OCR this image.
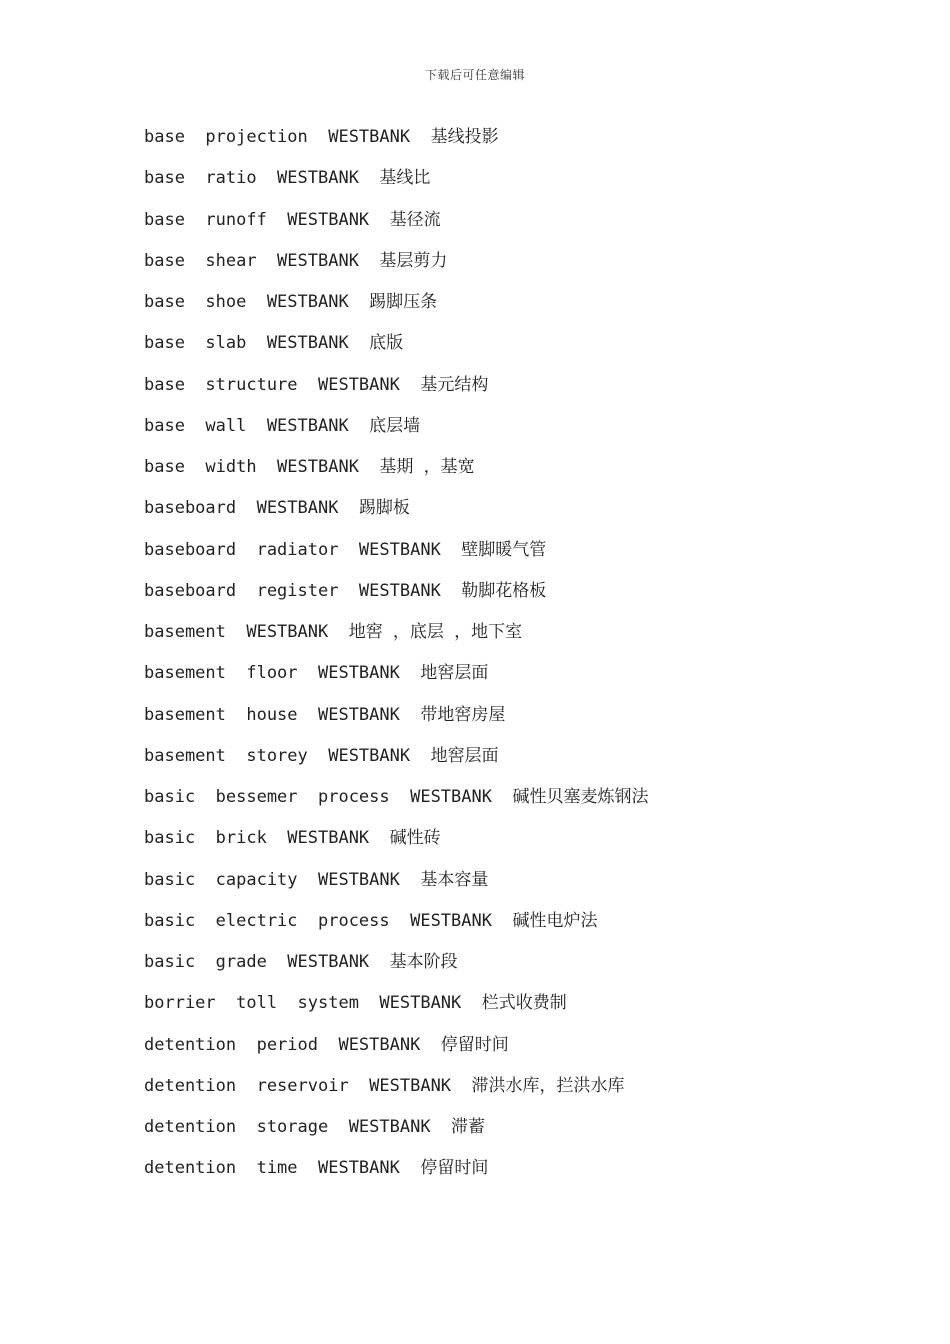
下载后可任意编辑
base  projection  WESTBANK  基线投影
base  ratio  WESTBANK  基线比
base  runoff  WESTBANK  基径流
base  shear  WESTBANK  基层剪力
base  shoe  WESTBANK  踢脚压条
base  slab  WESTBANK  底版
base  structure  WESTBANK  基元结构
base  wall  WESTBANK  底层墙
base  width  WESTBANK  基期 ，基宽
baseboard  WESTBANK  踢脚板
baseboard  radiator  WESTBANK  壁脚暖气管
baseboard  register  WESTBANK  勒脚花格板
basement  WESTBANK  地窖 ，底层 ，地下室
basement  floor  WESTBANK  地窖层面
basement  house  WESTBANK  带地窖房屋
basement  storey  WESTBANK  地窖层面
basic  bessemer  process  WESTBANK  碱性贝塞麦炼钢法
basic  brick  WESTBANK  碱性砖
basic  capacity  WESTBANK  基本容量
basic  electric  process  WESTBANK  碱性电炉法
basic  grade  WESTBANK  基本阶段
borrier  toll  system  WESTBANK  栏式收费制
detention  period  WESTBANK  停留时间
detention  reservoir  WESTBANK  滞洪水库，拦洪水库
detention  storage  WESTBANK  滞蓄
detention  time  WESTBANK  停留时间
